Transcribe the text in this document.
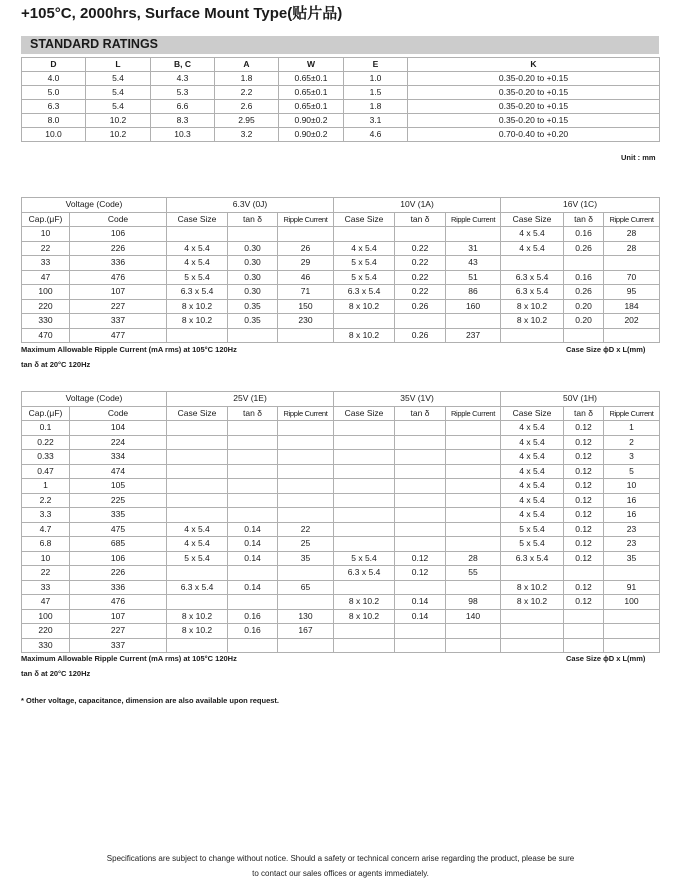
+105°C, 2000hrs, Surface Mount Type(贴片品)
STANDARD RATINGS
D	L	B, C	A	W	E	K
4.0	5.4	4.3	1.8	0.65±0.1	1.0	0.35-0.20 to +0.15
5.0	5.4	5.3	2.2	0.65±0.1	1.5	0.35-0.20 to +0.15
6.3	5.4	6.6	2.6	0.65±0.1	1.8	0.35-0.20 to +0.15
8.0	10.2	8.3	2.95	0.90±0.2	3.1	0.35-0.20 to +0.15
10.0	10.2	10.3	3.2	0.90±0.2	4.6	0.70-0.40 to +0.20
Unit : mm
Voltage (Code)		6.3V (0J)			10V (1A)			16V (1C)		
Cap.(μF)	Code	Case Size	tan δ	Ripple Current	Case Size	tan δ	Ripple Current	Case Size	tan δ	Ripple Current
10	106							4 x 5.4	0.16	28
22	226	4 x 5.4	0.30	26	4 x 5.4	0.22	31	4 x 5.4	0.26	28
33	336	4 x 5.4	0.30	29	5 x 5.4	0.22	43			
47	476	5 x 5.4	0.30	46	5 x 5.4	0.22	51	6.3 x 5.4	0.16	70
100	107	6.3 x 5.4	0.30	71	6.3 x 5.4	0.22	86	6.3 x 5.4	0.26	95
220	227	8 x 10.2	0.35	150	8 x 10.2	0.26	160	8 x 10.2	0.20	184
330	337	8 x 10.2	0.35	230				8 x 10.2	0.20	202
470	477				8 x 10.2	0.26	237			
Maximum Allowable Ripple Current (mA rms) at 105°C 120Hz
tan δ at 20°C 120Hz
Case Size ϕD x L(mm)
Voltage (Code)		25V (1E)			35V (1V)			50V (1H)		
Cap.(μF)	Code	Case Size	tan δ	Ripple Current	Case Size	tan δ	Ripple Current	Case Size	tan δ	Ripple Current
0.1	104							4 x 5.4	0.12	1
0.22	224							4 x 5.4	0.12	2
0.33	334							4 x 5.4	0.12	3
0.47	474							4 x 5.4	0.12	5
1	105							4 x 5.4	0.12	10
2.2	225							4 x 5.4	0.12	16
3.3	335							4 x 5.4	0.12	16
4.7	475	4 x 5.4	0.14	22				5 x 5.4	0.12	23
6.8	685	4 x 5.4	0.14	25				5 x 5.4	0.12	23
10	106	5 x 5.4	0.14	35	5 x 5.4	0.12	28	6.3 x 5.4	0.12	35
22	226				6.3 x 5.4	0.12	55			
33	336	6.3 x 5.4	0.14	65				8 x 10.2	0.12	91
47	476				8 x 10.2	0.14	98	8 x 10.2	0.12	100
100	107	8 x 10.2	0.16	130	8 x 10.2	0.14	140			
220	227	8 x 10.2	0.16	167						
330	337									
Maximum Allowable Ripple Current (mA rms) at 105°C 120Hz
tan δ at 20°C 120Hz
Case Size ϕD x L(mm)
* Other voltage, capacitance, dimension are also available upon request.
Specifications are subject to change without notice. Should a safety or technical concern arise regarding the product, please be sure
to contact our sales offices or agents immediately.
